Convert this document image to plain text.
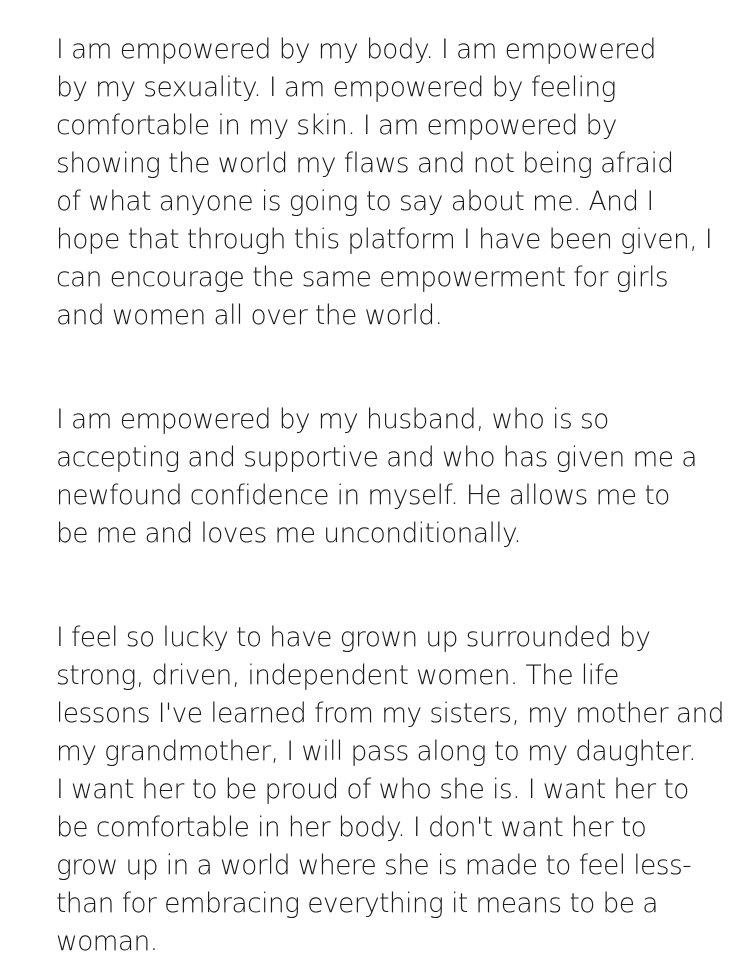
I am empowered by my body. I am empowered
by my sexuality. I am empowered by feeling
comfortable in my skin. I am empowered by
showing the world my flaws and not being afraid
of what anyone is going to say about me. And I
hope that through this platform I have been given, I
can encourage the same empowerment for girls
and women all over the world.

I am empowered by my husband, who is so
accepting and supportive and who has given me a
newfound confidence in myself. He allows me to
be me and loves me unconditionally.

I feel so lucky to have grown up surrounded by
strong, driven, independent women. The life
lessons I've learned from my sisters, my mother and
my grandmother, I will pass along to my daughter.
I want her to be proud of who she is. I want her to
be comfortable in her body. I don't want her to
grow up in a world where she is made to feel less-
than for embracing everything it means to be a
woman.
